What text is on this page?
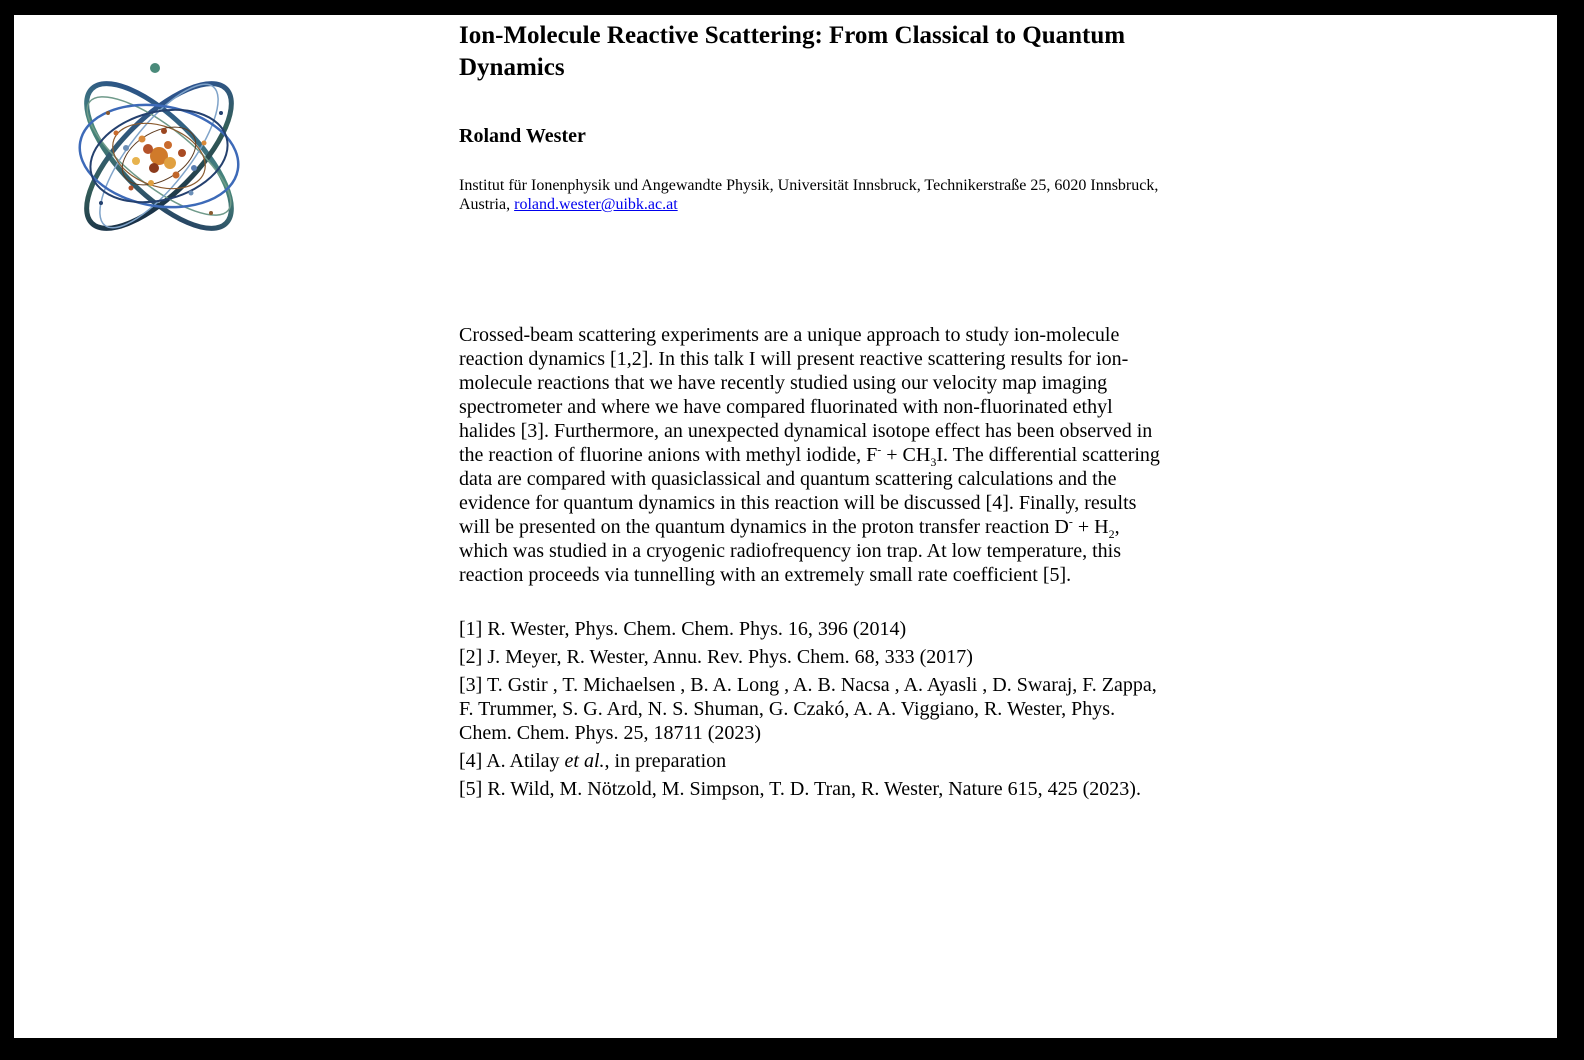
Ion-Molecule Reactive Scattering: From Classical to Quantum Dynamics
Roland Wester
Institut für Ionenphysik und Angewandte Physik, Universität Innsbruck, Technikerstraße 25, 6020 Innsbruck, Austria, roland.wester@uibk.ac.at
Crossed-beam scattering experiments are a unique approach to study ion-molecule reaction dynamics [1,2]. In this talk I will present reactive scattering results for ion-molecule reactions that we have recently studied using our velocity map imaging spectrometer and where we have compared fluorinated with non-fluorinated ethyl halides [3]. Furthermore, an unexpected dynamical isotope effect has been observed in the reaction of fluorine anions with methyl iodide, $F^- + CH_3I$. The differential scattering data are compared with quasiclassical and quantum scattering calculations and the evidence for quantum dynamics in this reaction will be discussed [4]. Finally, results will be presented on the quantum dynamics in the proton transfer reaction $D^- + H_2$, which was studied in a cryogenic radiofrequency ion trap. At low temperature, this reaction proceeds via tunnelling with an extremely small rate coefficient [5].
[1] R. Wester, Phys. Chem. Chem. Phys. 16, 396 (2014)
[2] J. Meyer, R. Wester, Annu. Rev. Phys. Chem. 68, 333 (2017)
[3] T. Gstir , T. Michaelsen , B. A. Long , A. B. Nacsa , A. Ayasli , D. Swaraj, F. Zappa, F. Trummer, S. G. Ard, N. S. Shuman, G. Czakó, A. A. Viggiano, R. Wester, Phys. Chem. Chem. Phys. 25, 18711 (2023)
[4] A. Atilay et al., in preparation
[5] R. Wild, M. Nötzold, M. Simpson, T. D. Tran, R. Wester, Nature 615, 425 (2023).
